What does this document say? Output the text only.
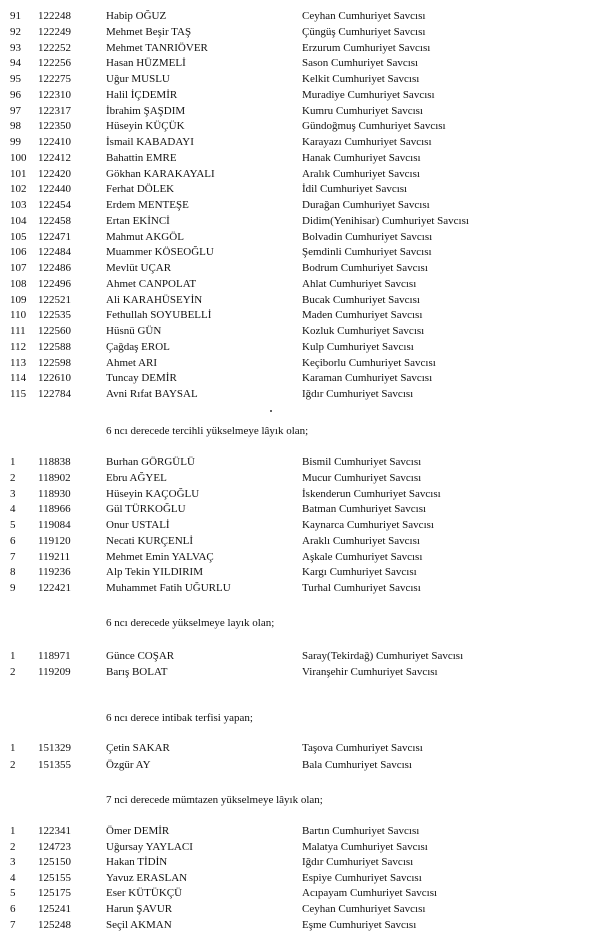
91 122248	Habip OĞUZ	Ceyhan Cumhuriyet Savcısı
92 122249	Mehmet Beşir TAŞ	Çüngüş Cumhuriyet Savcısı
93 122252	Mehmet TANRIÖVER	Erzurum Cumhuriyet Savcısı
94 122256	Hasan HÜZMELİ	Sason Cumhuriyet Savcısı
95 122275	Uğur MUSLU	Kelkit Cumhuriyet Savcısı
96 122310	Halil İÇDEMİR	Muradiye Cumhuriyet Savcısı
97 122317	İbrahim ŞAŞDIM	Kumru Cumhuriyet Savcısı
98 122350	Hüseyin KÜÇÜK	Gündoğmuş Cumhuriyet Savcısı
99 122410	İsmail KABADAYI	Karayazı Cumhuriyet Savcısı
100 122412	Bahattin EMRE	Hanak Cumhuriyet Savcısı
101 122420	Gökhan KARAKAYALI	Aralık Cumhuriyet Savcısı
102 122440	Ferhat DÖLEK	İdil Cumhuriyet Savcısı
103 122454	Erdem MENTEŞE	Durağan Cumhuriyet Savcısı
104 122458	Ertan EKİNCİ	Didim(Yenihisar) Cumhuriyet Savcısı
105 122471	Mahmut AKGÖL	Bolvadin Cumhuriyet Savcısı
106 122484	Muammer KÖSEOĞLU	Şemdinli Cumhuriyet Savcısı
107 122486	Mevlüt UÇAR	Bodrum Cumhuriyet Savcısı
108 122496	Ahmet CANPOLAT	Ahlat Cumhuriyet Savcısı
109 122521	Ali KARAHÜSEYİN	Bucak Cumhuriyet Savcısı
110 122535	Fethullah SOYUBELLİ	Maden Cumhuriyet Savcısı
111 122560	Hüsnü GÜN	Kozluk Cumhuriyet Savcısı
112 122588	Çağdaş EROL	Kulp Cumhuriyet Savcısı
113 122598	Ahmet ARI	Keçiborlu Cumhuriyet Savcısı
114 122610	Tuncay DEMİR	Karaman Cumhuriyet Savcısı
115 122784	Avni Rıfat BAYSAL	Iğdır Cumhuriyet Savcısı
6 ncı derecede tercihli yükselmeye lâyık olan;
1 118838	Burhan GÖRGÜLÜ	Bismil Cumhuriyet Savcısı
2 118902	Ebru AĞYEL	Mucur Cumhuriyet Savcısı
3 118930	Hüseyin KAÇOĞLU	İskenderun Cumhuriyet Savcısı
4 118966	Gül TÜRKOĞLU	Batman Cumhuriyet Savcısı
5 119084	Onur USTALİ	Kaynarca Cumhuriyet Savcısı
6 119120	Necati KURÇENLİ	Araklı Cumhuriyet Savcısı
7 119211	Mehmet Emin YALVAÇ	Aşkale Cumhuriyet Savcısı
8 119236	Alp Tekin YILDIRIM	Kargı Cumhuriyet Savcısı
9 122421	Muhammet Fatih UĞURLU	Turhal Cumhuriyet Savcısı
6 ncı derecede yükselmeye layık olan;
1 118971	Günce COŞAR	Saray(Tekirdağ) Cumhuriyet Savcısı
2 119209	Barış BOLAT	Viranşehir Cumhuriyet Savcısı
6 ncı derece intibak terfisi yapan;
1 151329	Çetin SAKAR	Taşova Cumhuriyet Savcısı
2 151355	Özgür AY	Bala Cumhuriyet Savcısı
7 nci derecede mümtazen yükselmeye lâyık olan;
1 122341	Ömer DEMİR	Bartın Cumhuriyet Savcısı
2 124723	Uğursay YAYLACI	Malatya Cumhuriyet Savcısı
3 125150	Hakan TİDİN	Iğdır Cumhuriyet Savcısı
4 125155	Yavuz ERASLAN	Espiye Cumhuriyet Savcısı
5 125175	Eser KÜTÜKÇÜ	Acıpayam Cumhuriyet Savcısı
6 125241	Harun ŞAVUR	Ceyhan Cumhuriyet Savcısı
7 125248	Seçil AKMAN	Eşme Cumhuriyet Savcısı
